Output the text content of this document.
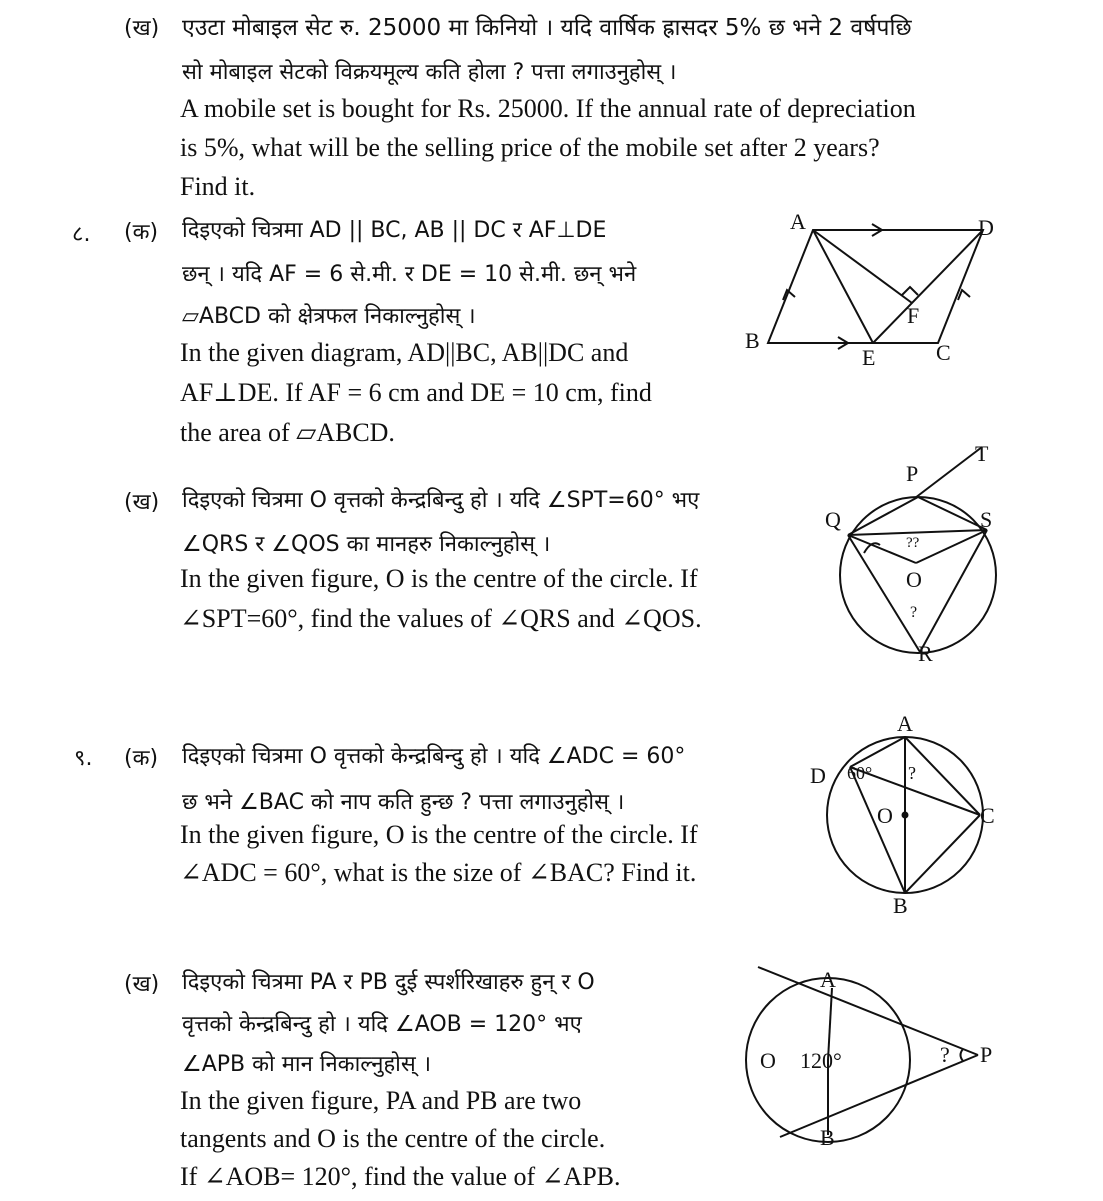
(ख) एउटा मोबाइल सेट रु. 25000 मा किनियो । यदि वार्षिक ह्रासदर 5% छ भने 2 वर्षपछि
सो मोबाइल सेटको विक्रयमूल्य कति होला ? पत्ता लगाउनुहोस् ।
A mobile set is bought for Rs. 25000. If the annual rate of depreciation
is 5%, what will be the selling price of the mobile set after 2 years?
Find it.
८. (क) दिइएको चित्रमा AD || BC, AB || DC र AF⊥DE
छन् । यदि AF = 6 से.मी. र DE = 10 से.मी. छन् भने
▱ABCD को क्षेत्रफल निकाल्नुहोस् ।
In the given diagram, AD||BC, AB||DC and
AF⊥DE. If AF = 6 cm and DE = 10 cm, find
the area of ▱ABCD.
A	D
B
E	C
F
(ख) दिइएको चित्रमा O वृत्तको केन्द्रबिन्दु हो । यदि ∠SPT=60° भए
∠QRS र ∠QOS का मानहरु निकाल्नुहोस् ।
In the given figure, O is the centre of the circle. If
∠SPT=60°, find the values of ∠QRS and ∠QOS.
T
P
Q	S
??
O
?
R
९. (क) दिइएको चित्रमा O वृत्तको केन्द्रबिन्दु हो । यदि ∠ADC = 60°
छ भने ∠BAC को नाप कति हुन्छ ? पत्ता लगाउनुहोस् ।
In the given figure, O is the centre of the circle. If
∠ADC = 60°, what is the size of ∠BAC? Find it.
A
D 60° ?
O	C
B
(ख) दिइएको चित्रमा PA र PB दुई स्पर्शरिखाहरु हुन् र O
वृत्तको केन्द्रबिन्दु हो । यदि ∠AOB = 120° भए
∠APB को मान निकाल्नुहोस् ।
In the given figure, PA and PB are two
tangents and O is the centre of the circle.
If ∠AOB= 120°, find the value of ∠APB.
A
O 120°	? P
B
